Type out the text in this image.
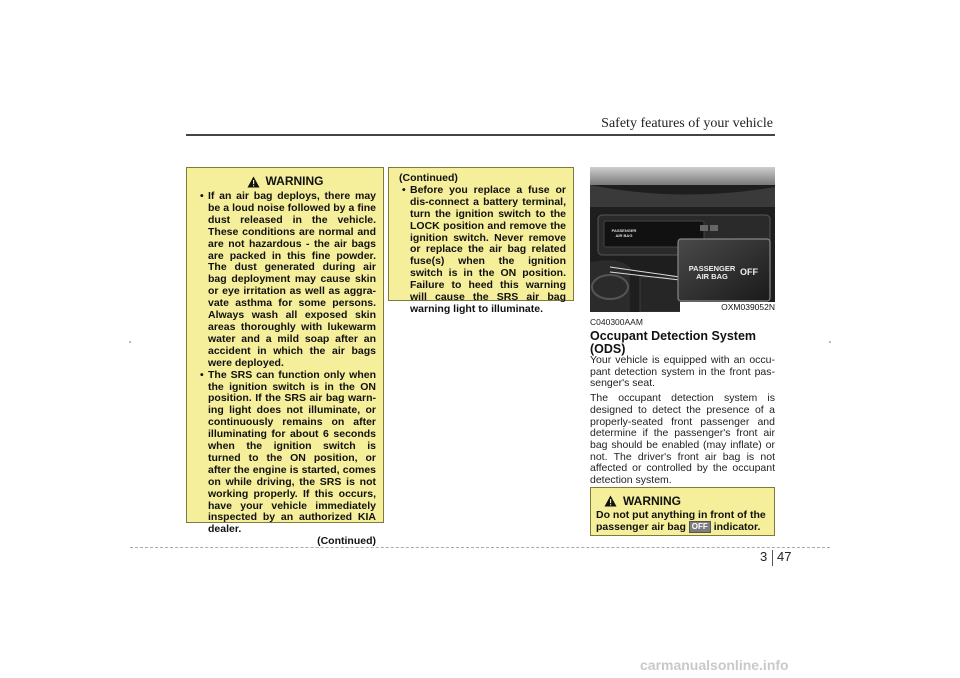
Safety features of your vehicle
WARNING
• If an air bag deploys, there may be a loud noise followed by a fine dust released in the vehicle. These conditions are normal and are not hazardous - the air bags are packed in this fine powder. The dust generated during air bag deployment may cause skin or eye irritation as well as aggra-vate asthma for some persons. Always wash all exposed skin areas thoroughly with lukewarm water and a mild soap after an accident in which the air bags were deployed.
• The SRS can function only when the ignition switch is in the ON position. If the SRS air bag warn-ing light does not illuminate, or continuously remains on after illuminating for about 6 seconds when the ignition switch is turned to the ON position, or after the engine is started, comes on while driving, the SRS is not working properly. If this occurs, have your vehicle immediately inspected by an authorized KIA dealer.
(Continued)
(Continued)
• Before you replace a fuse or dis-connect a battery terminal, turn the ignition switch to the LOCK position and remove the ignition switch. Never remove or replace the air bag related fuse(s) when the ignition switch is in the ON position. Failure to heed this warning will cause the SRS air bag warning light to illuminate.
PASSENGER
AIR BAG
PASSENGER
AIR BAG	OFF
OXM039052N
C040300AAM
Occupant Detection System (ODS)

Your vehicle is equipped with an occu-pant detection system in the front pas-senger's seat.

The occupant detection system is designed to detect the presence of a properly-seated front passenger and determine if the passenger's front air bag should be enabled (may inflate) or not. The driver's front air bag is not affected or controlled by the occupant detection system.

WARNING
Do not put anything in front of the passenger air bag OFF indicator.
3 47
carmanualsonline.info
